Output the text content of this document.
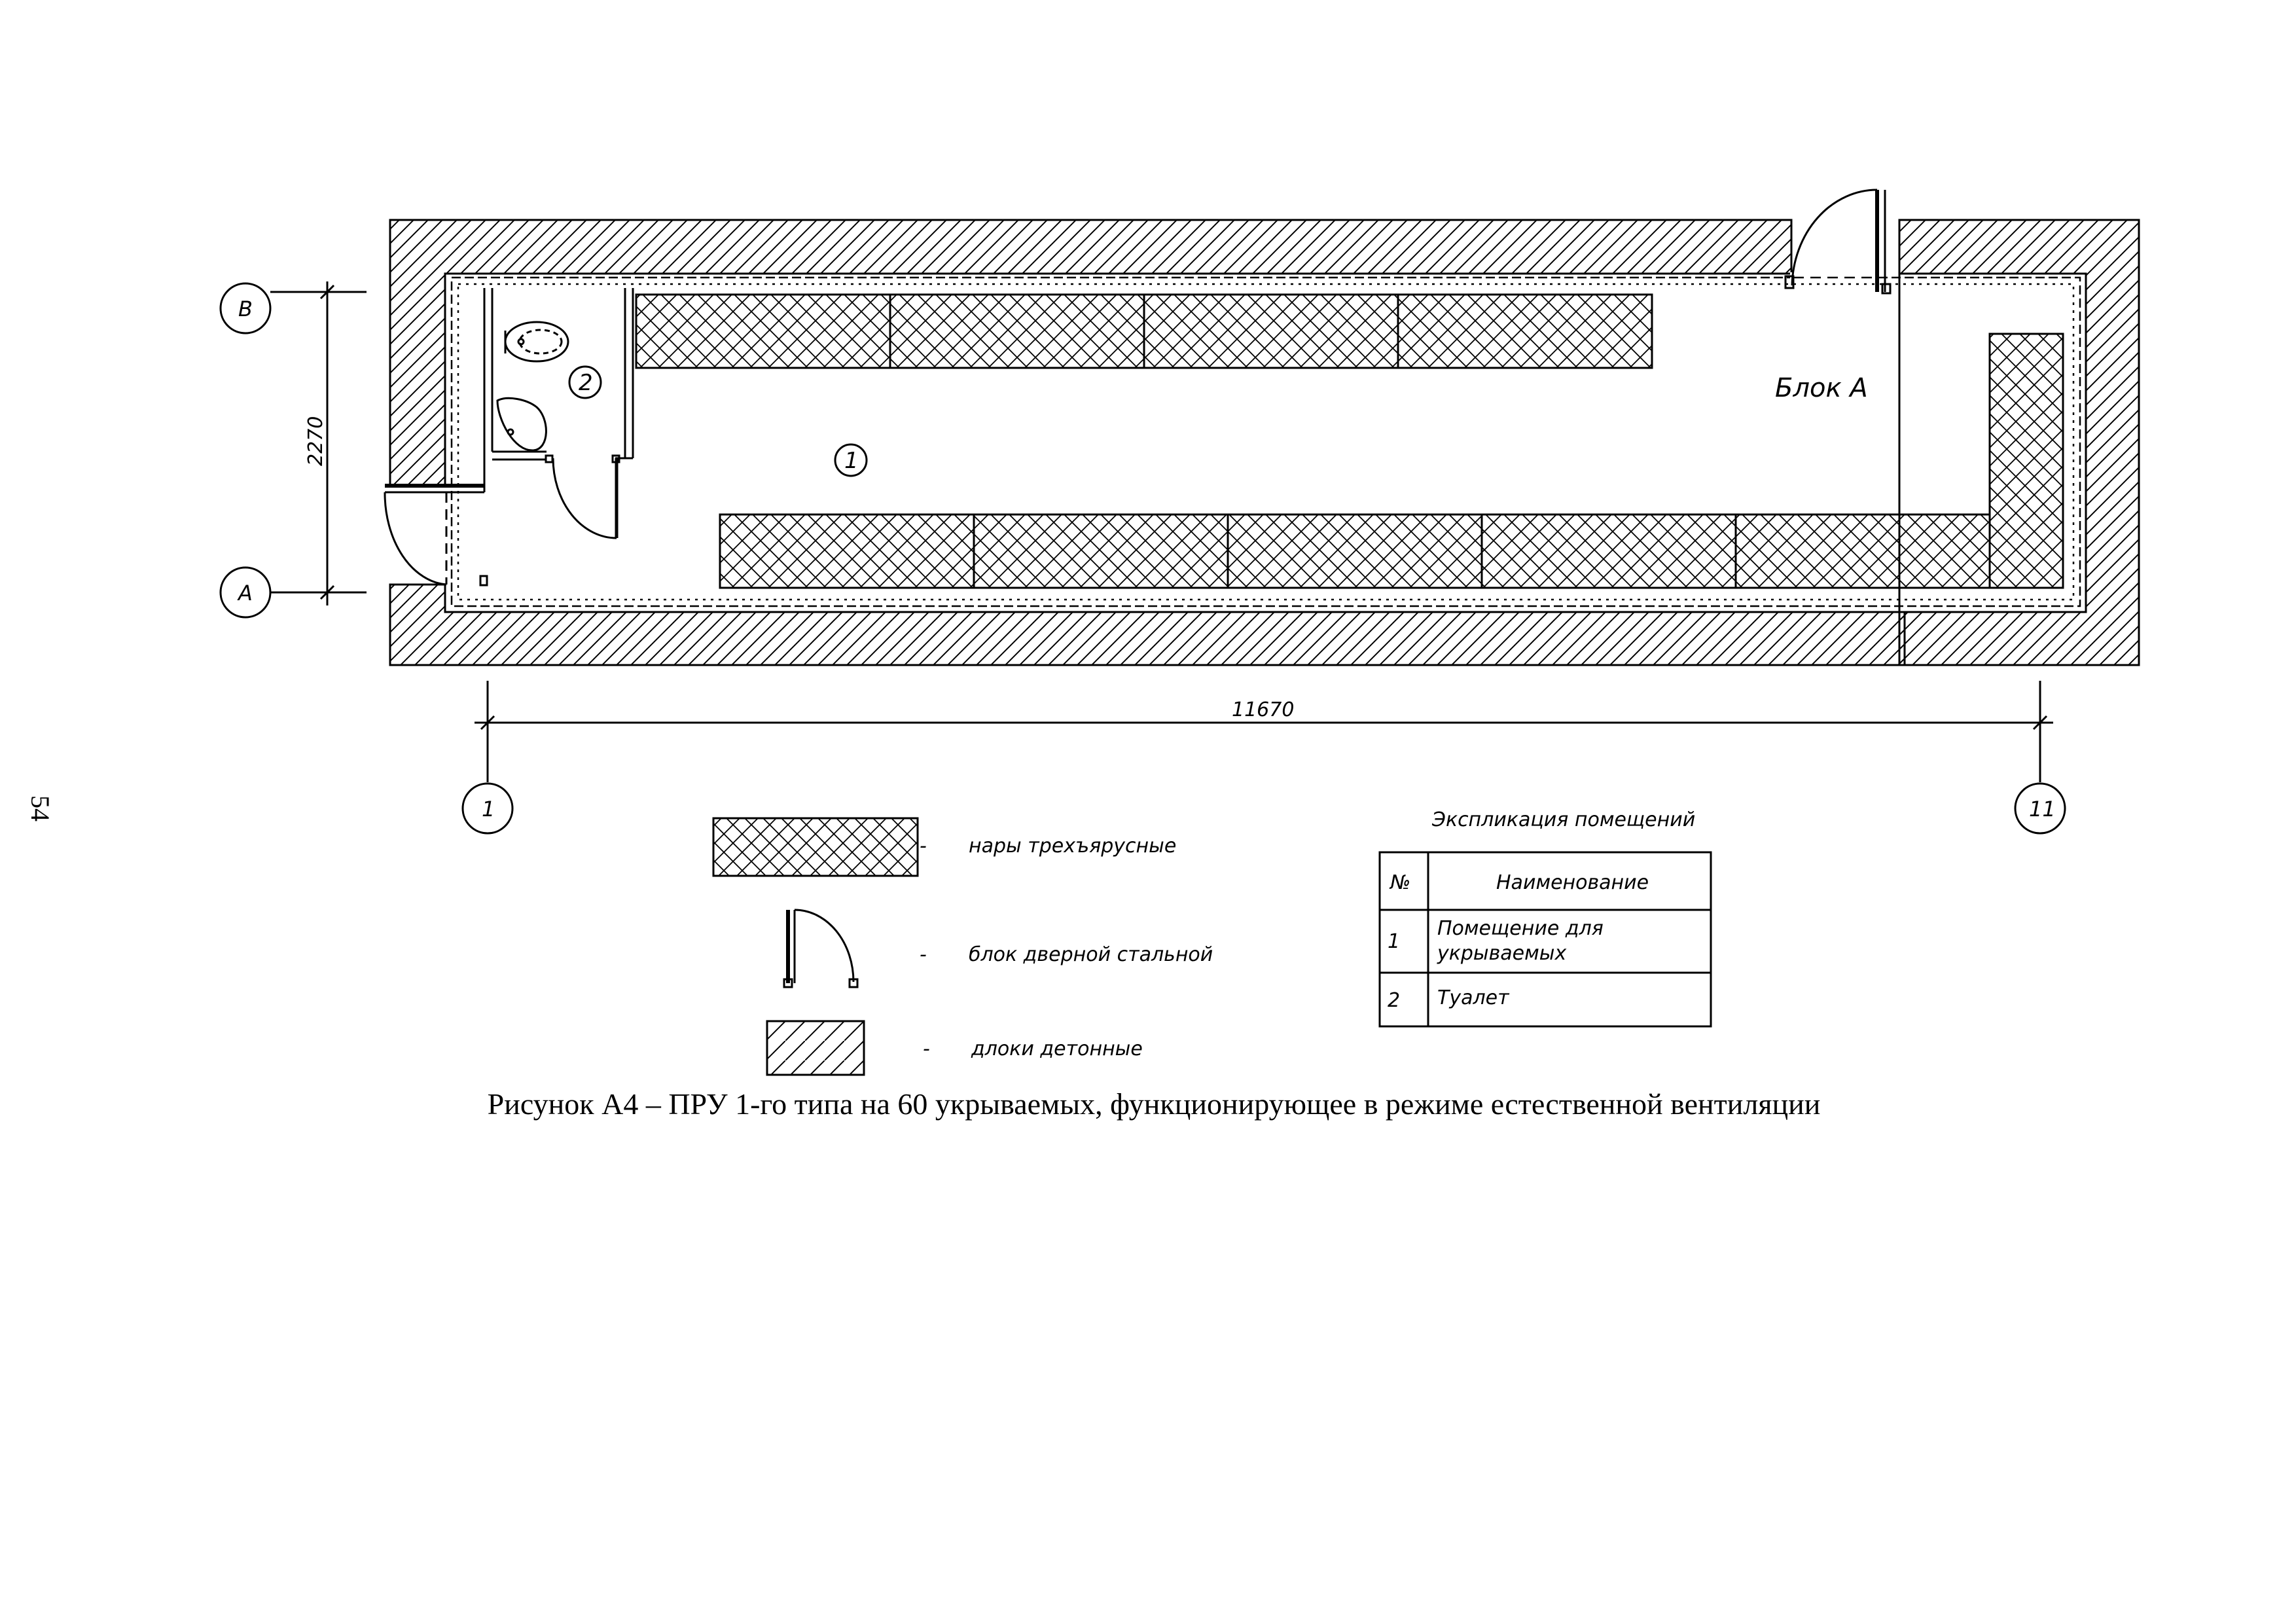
54
2
1
Блок А
В
А
1	11
2270
11670
- нары трехъярусные
- блок дверной стальной
- длоки детонные
Экспликация помещений
№	Наименование
1
Помещение для
укрываемых
2 Туалет
Рисунок А4 – ПРУ 1-го типа на 60 укрываемых, функционирующее в режиме естественной вентиляции
